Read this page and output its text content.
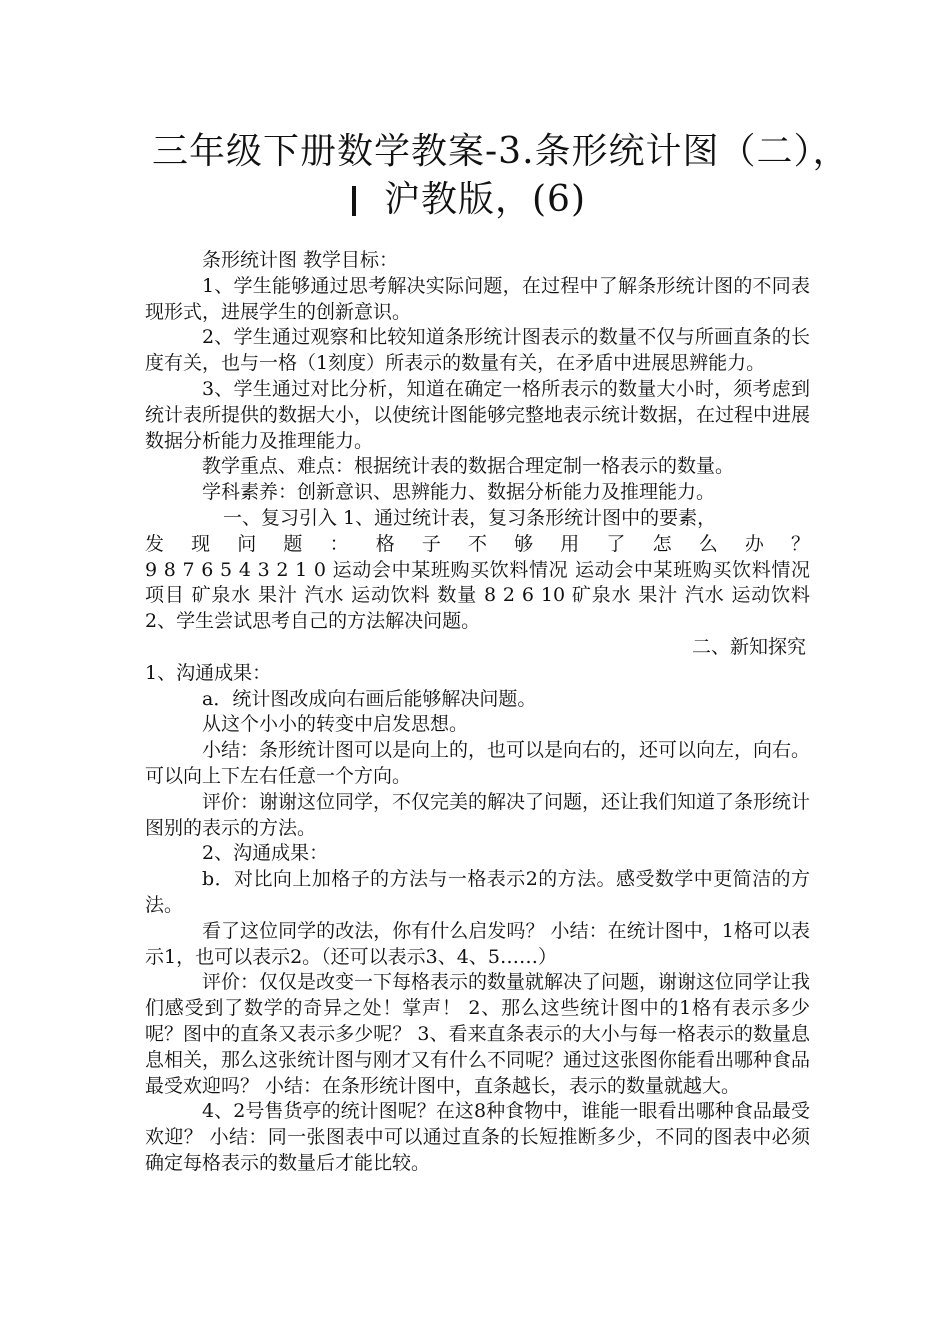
三年级下册数学教案-3.条形统计图（二），
沪教版，(6)

条形统计图 教学目标：

1、学生能够通过思考解决实际问题，在过程中了解条形统计图的不同表现形式，进展学生的创新意识。

2、学生通过观察和比较知道条形统计图表示的数量不仅与所画直条的长度有关，也与一格（1刻度）所表示的数量有关，在矛盾中进展思辨能力。

3、学生通过对比分析，知道在确定一格所表示的数量大小时，须考虑到统计表所提供的数据大小，以使统计图能够完整地表示统计数据，在过程中进展数据分析能力及推理能力。

教学重点、难点：根据统计表的数据合理定制一格表示的数量。

学科素养：创新意识、思辨能力、数据分析能力及推理能力。

一、复习引入 1、通过统计表，复习条形统计图中的要素，

发 现 问 题 ： 格 子 不 够 用 了 怎 么 办 ？

9 8 7 6 5 4 3 2 1 0 运动会中某班购买饮料情况 运动会中某班购买饮料情况 项目 矿泉水 果汁 汽水 运动饮料 数量 8 2 6 10 矿泉水 果汁 汽水 运动饮料 2、学生尝试思考自己的方法解决问题。

二、新知探究

1、沟通成果：

a．统计图改成向右画后能够解决问题。

从这个小小的转变中启发思想。

小结：条形统计图可以是向上的，也可以是向右的，还可以向左，向右。可以向上下左右任意一个方向。

评价：谢谢这位同学，不仅完美的解决了问题，还让我们知道了条形统计图别的表示的方法。

2、沟通成果：

b．对比向上加格子的方法与一格表示2的方法。感受数学中更简洁的方法。

看了这位同学的改法，你有什么启发吗？ 小结：在统计图中，1格可以表示1，也可以表示2。（还可以表示3、4、5……）

评价：仅仅是改变一下每格表示的数量就解决了问题，谢谢这位同学让我们感受到了数学的奇异之处！掌声！ 2、那么这些统计图中的1格有表示多少呢？图中的直条又表示多少呢？ 3、看来直条表示的大小与每一格表示的数量息息相关，那么这张统计图与刚才又有什么不同呢？通过这张图你能看出哪种食品最受欢迎吗？ 小结：在条形统计图中，直条越长，表示的数量就越大。

4、2号售货亭的统计图呢？在这8种食物中，谁能一眼看出哪种食品最受欢迎？ 小结：同一张图表中可以通过直条的长短推断多少，不同的图表中必须确定每格表示的数量后才能比较。
